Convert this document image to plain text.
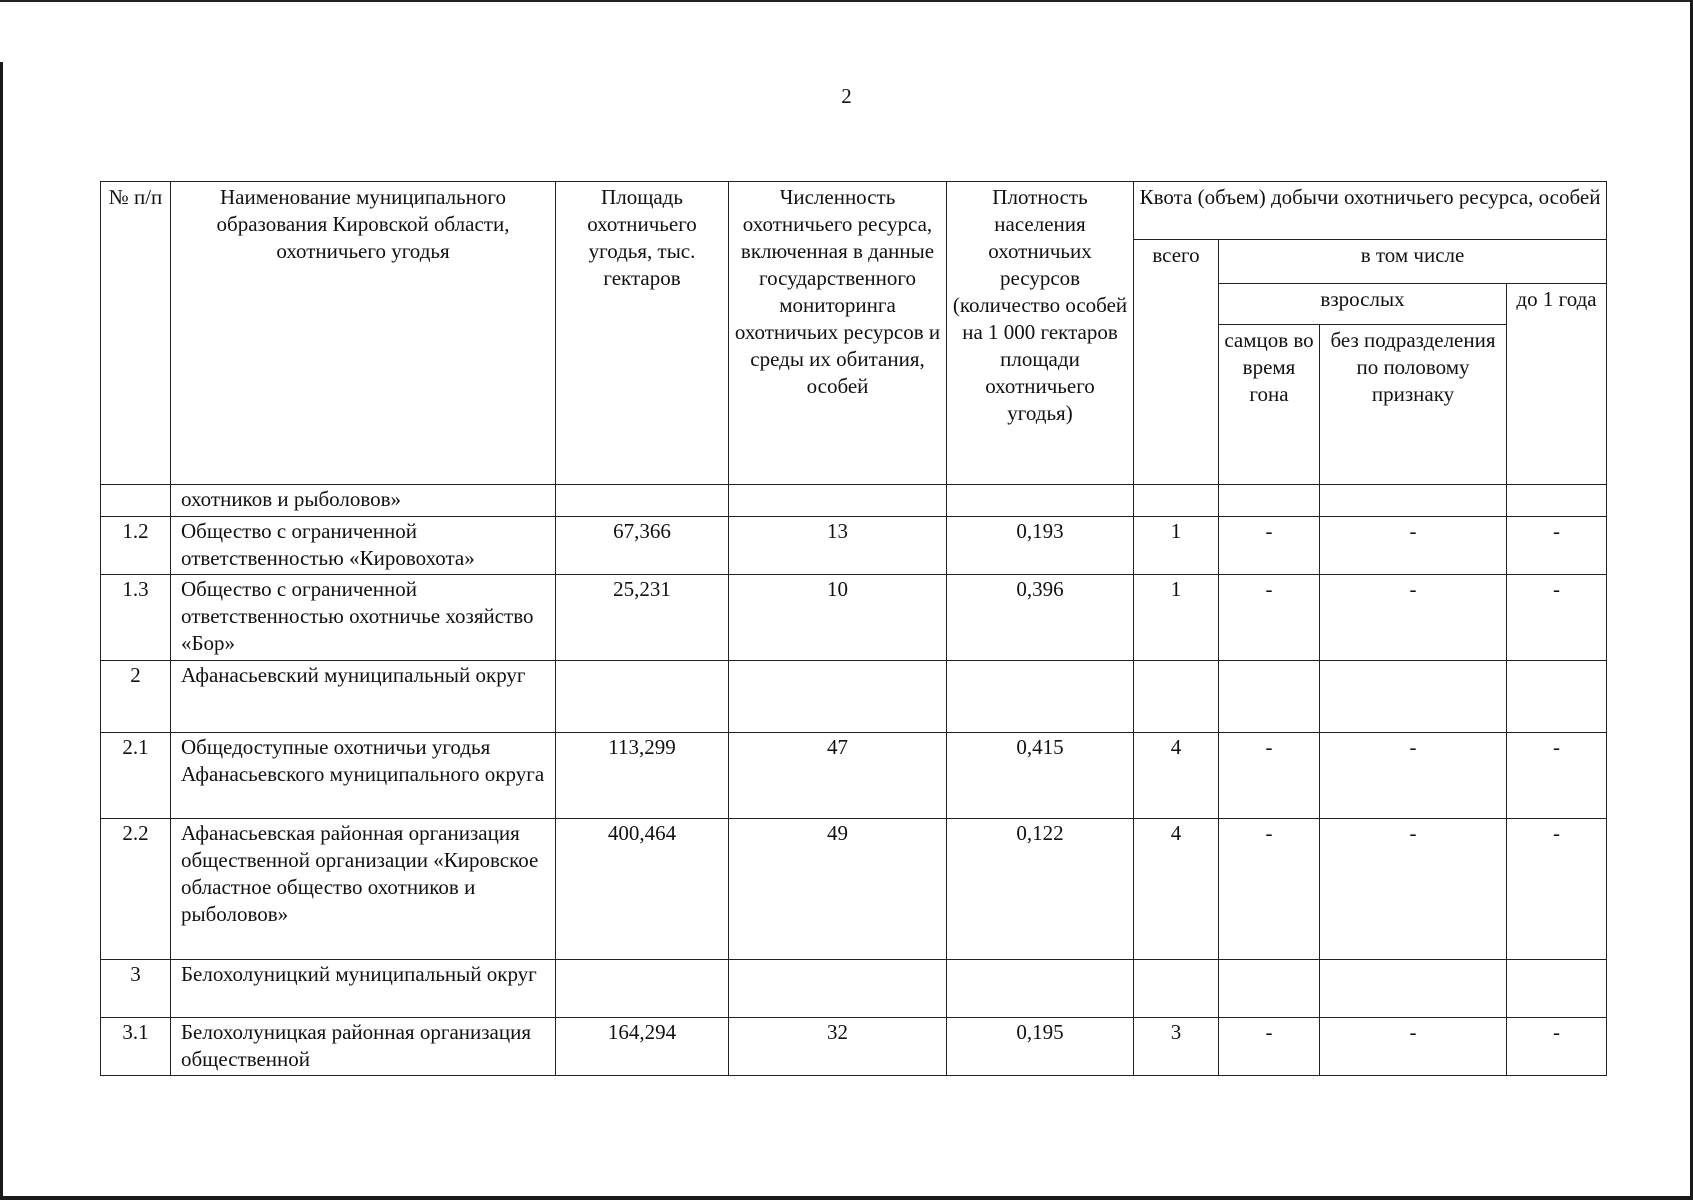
2
№ п/п	Наименование муниципального образования Кировской области, охотничьего угодья	Площадь охотничьего угодья, тыс. гектаров	Численность охотничьего ресурса, включенная в данные государственного мониторинга охотничьих ресурсов и среды их обитания, особей	Плотность населения охотничьих ресурсов (количество особей на 1 000 гектаров площади охотничьего угодья)	Квота (объем) добычи охотничьего ресурса, особей			
					всего	в том числе		
						взрослых		до 1 года
						самцов во время гона	без подразделения по половому признаку	
	охотников и рыболовов»							
1.2	Общество с ограниченной ответственностью «Кировохота»	67,366	13	0,193	1	-	-	-
1.3	Общество с ограниченной ответственностью охотничье хозяйство «Бор»	25,231	10	0,396	1	-	-	-
2	Афанасьевский муниципальный округ							
2.1	Общедоступные охотничьи угодья Афанасьевского муниципального округа	113,299	47	0,415	4	-	-	-
2.2	Афанасьевская районная организация общественной организации «Кировское областное общество охотников и рыболовов»	400,464	49	0,122	4	-	-	-
3	Белохолуницкий муниципальный округ							
3.1	Белохолуницкая районная организация общественной	164,294	32	0,195	3	-	-	-
